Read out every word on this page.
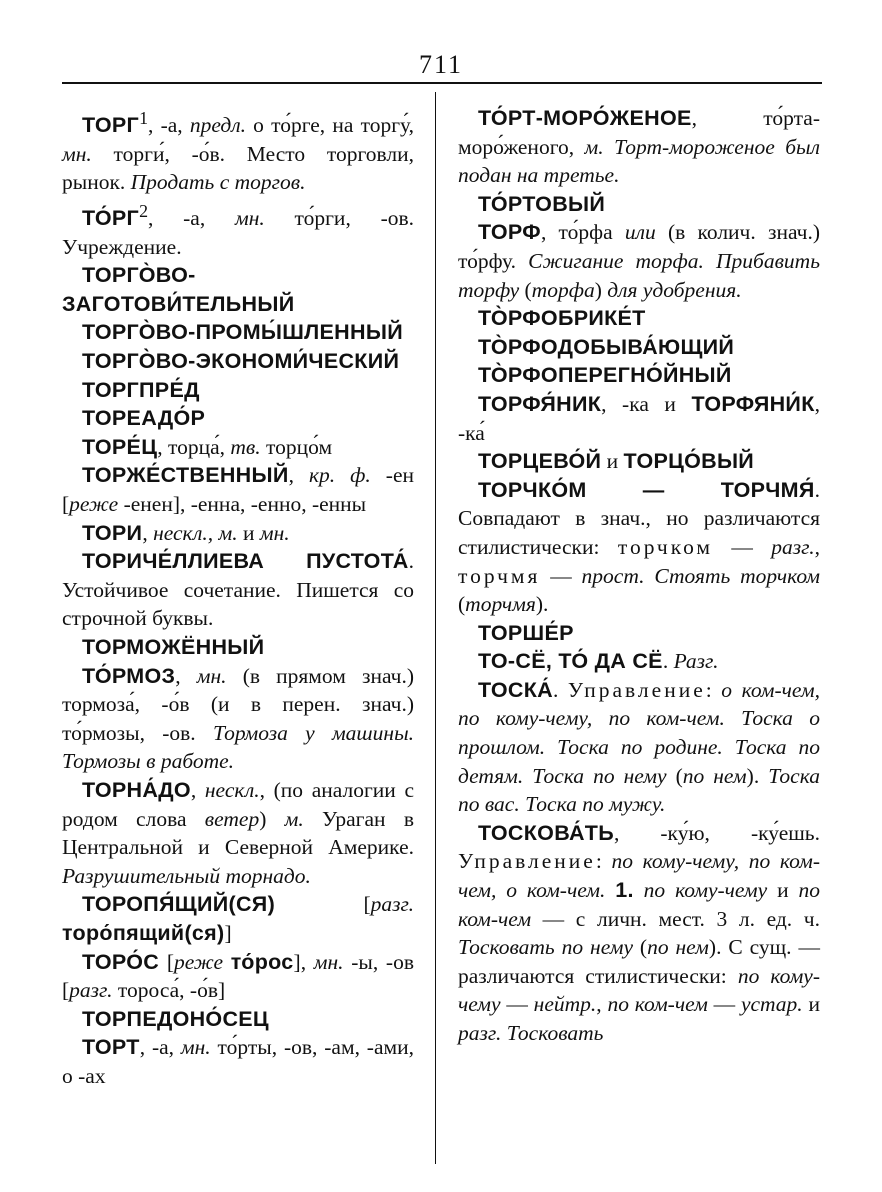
711

ТОРГ$^1$, -а, предл. о то́рге, на торгу́, мн. торги́, -о́в. Место торговли, рынок. Продать с торгов.

$ТО́РГ^2$, -а, мн. то́рги, -ов. Учреждение.

ТОРГО̀ВО-ЗАГОТОВИ́ТЕЛЬНЫЙ

ТОРГО̀ВО-ПРОМЫ́ШЛЕННЫЙ

ТОРГО̀ВО-ЭКОНОМИ́ЧЕСКИЙ

ТОРГПРЕ́Д

ТОРЕАДО́Р

ТОРЕ́Ц, торца́, тв. торцо́м

ТОРЖЕ́СТВЕННЫЙ, кр. ф. -ен [реже -енен], -енна, -енно, -енны

ТОРИ, нескл., м. и мн.

ТОРИЧЕ́ЛЛИЕВА ПУСТОТА́. Устойчивое сочетание. Пишется со строчной буквы.

ТОРМОЖЁННЫЙ

ТО́РМОЗ, мн. (в прямом знач.) тормоза́, -о́в (и в перен. знач.) то́рмозы, -ов. Тормоза у машины. Тормозы в работе.

ТОРНА́ДО, нескл., (по аналогии с родом слова ветер) м. Ураган в Центральной и Северной Америке. Разрушительный торнадо.

ТОРОПЯ́ЩИЙ(СЯ) [разг. торо́пящий(ся)]

ТОРО́С [реже то́рос], мн. -ы, -ов [разг. тороса́, -о́в]

ТОРПЕДОНО́СЕЦ

ТОРТ, -а, мн. то́рты, -ов, -ам, -ами, о -ах

ТО́РТ-МОРО́ЖЕНОЕ, то́рта-моро́женого, м. Торт-мороженое был подан на третье.

ТО́РТОВЫЙ

ТОРФ, то́рфа или (в колич. знач.) то́рфу. Сжигание торфа. Прибавить торфу (торфа) для удобрения.

ТО̀РФОБРИКЕ́Т

ТО̀РФОДОБЫВА́ЮЩИЙ

ТО̀РФОПЕРЕГНО́ЙНЫЙ

ТОРФЯ́НИК, -ка и ТОРФЯНИ́К, -ка́

ТОРЦЕВО́Й и ТОРЦО́ВЫЙ

ТОРЧКО́М — ТОРЧМЯ́. Совпадают в знач., но различаются стилистически: торчком — разг., торчмя — прост. Стоять торчком (торчмя).

ТОРШЕ́Р

ТО-СЁ, ТО́ ДА СЁ. Разг.

ТОСКА́. Управление: о ком-чем, по кому-чему, по ком-чем. Тоска о прошлом. Тоска по родине. Тоска по детям. Тоска по нему (по нем). Тоска по вас. Тоска по мужу.

ТОСКОВА́ТЬ, -ку́ю, -ку́ешь. Управление: по кому-чему, по ком-чем, о ком-чем. 1. по кому-чему и по ком-чем — с личн. мест. 3 л. ед. ч. Тосковать по нему (по нем). С сущ. — различаются стилистически: по кому-чему — нейтр., по ком-чем — устар. и разг. Тосковать
